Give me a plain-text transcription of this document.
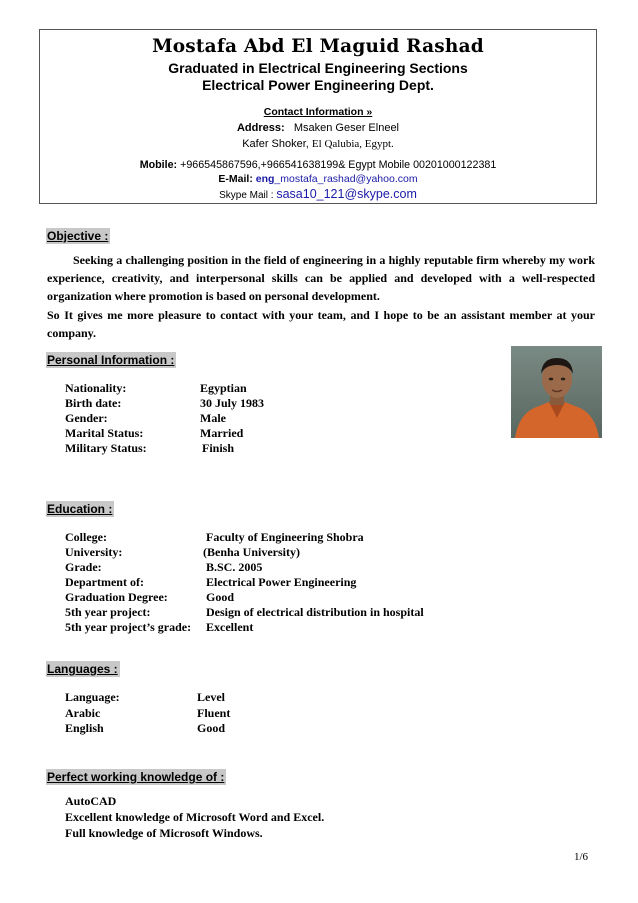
Mostafa Abd El Maguid Rashad
Graduated in Electrical Engineering Sections
Electrical Power Engineering Dept.
Contact Information »
Address: Msaken Geser Elneel
Kafer Shoker, El Qalubia, Egypt.
Mobile: +966545867596,+966541638199& Egypt Mobile 00201000122381
E-Mail: eng_mostafa_rashad@yahoo.com
Skype Mail : sasa10_121@skype.com
Objective :

Seeking a challenging position in the field of engineering in a highly reputable firm whereby my work experience, creativity, and interpersonal skills can be applied and developed with a well-respected organization where promotion is based on personal development.

So It gives me more pleasure to contact with your team, and I hope to be an assistant member at your company.

Personal Information :
Nationality:	Egyptian
Birth date:	30 July 1983
Gender:	Male
Marital Status:	Married
Military Status:	Finish
Education :
College:	Faculty of Engineering Shobra
University:	(Benha University)
Grade:	B.SC. 2005
Department of:	Electrical Power Engineering
Graduation Degree:	Good
5th year project:	Design of electrical distribution in hospital
5th year project’s grade: Excellent
Languages :
Language:	Level
Arabic	Fluent
English	Good
Perfect working knowledge of :
AutoCAD
Excellent knowledge of Microsoft Word and Excel.
Full knowledge of Microsoft Windows.
1/6
